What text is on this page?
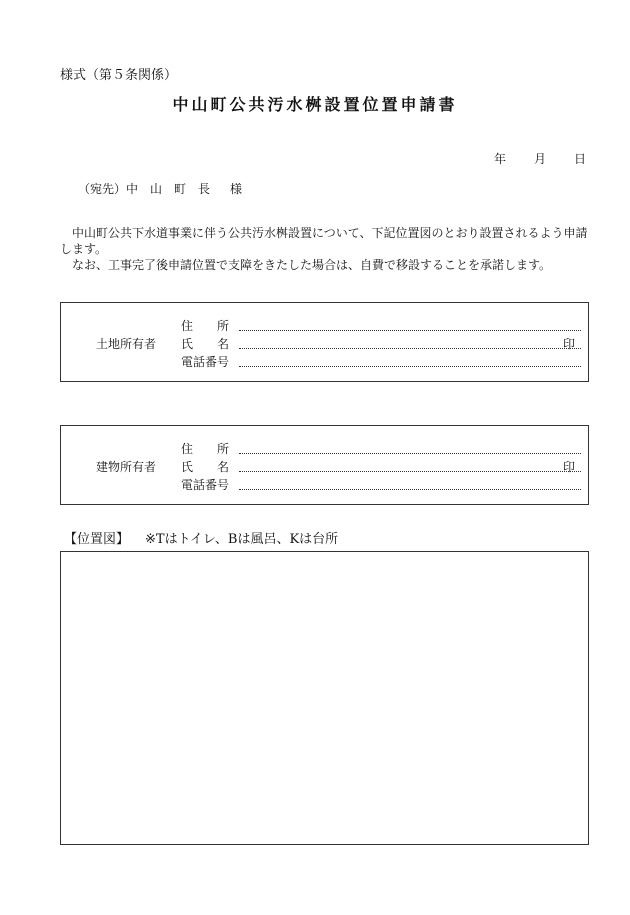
様式（第５条関係）
中山町公共汚水桝設置位置申請書
年 月 日
（宛先）中　山　町　長 様

中山町公共下水道事業に伴う公共汚水桝設置について、下記位置図のとおり設置されるよう申請します。

なお、工事完了後申請位置で支障をきたした場合は、自費で移設することを承諾します。

土地所有者
住　　所
氏　　名	印
電話番号
建物所有者
住　　所
氏　　名	印
電話番号
【位置図】 ※Tはトイレ、Bは風呂、Kは台所
